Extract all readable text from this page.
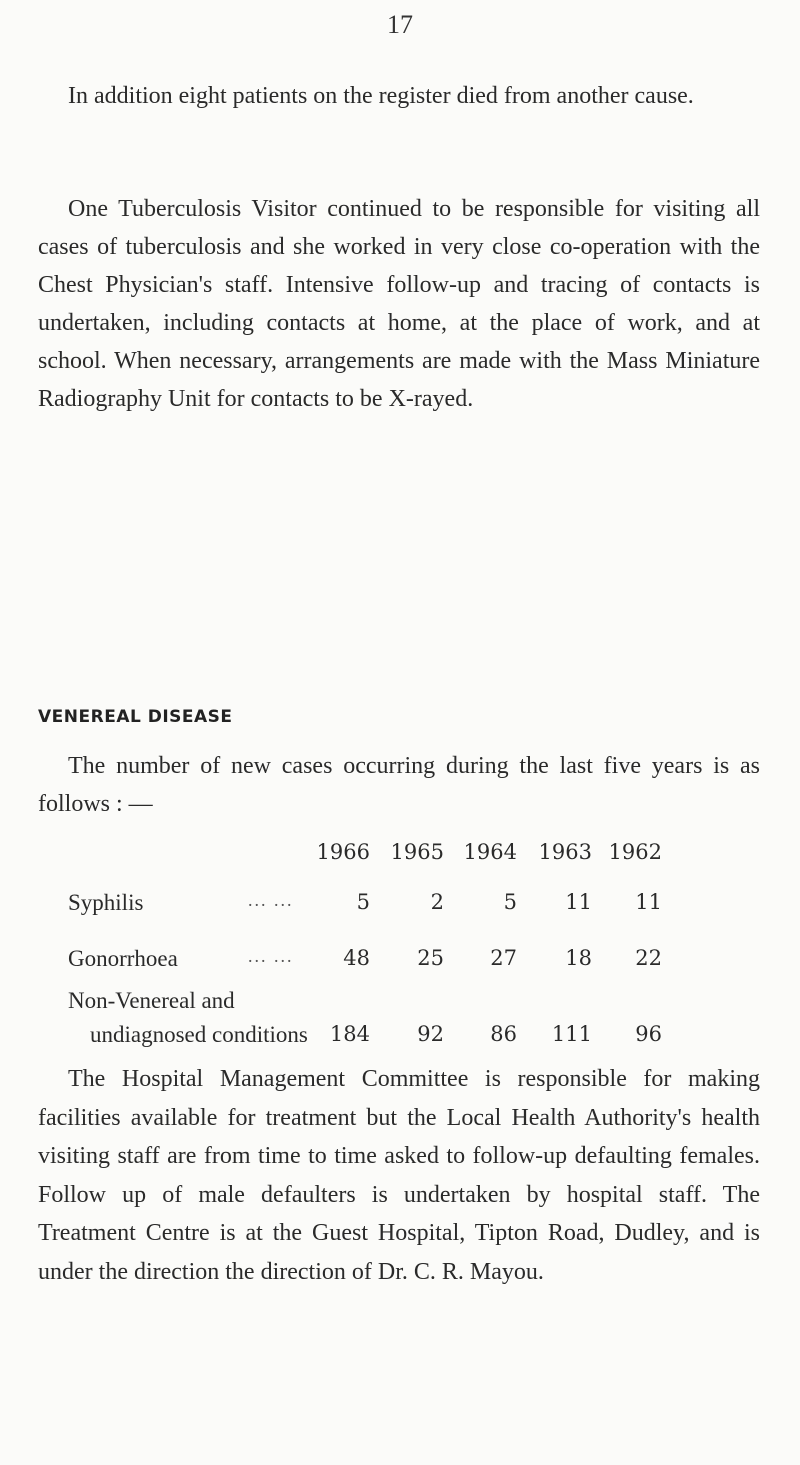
17

In addition eight patients on the register died from another cause.

One Tuberculosis Visitor continued to be responsible for visiting all cases of tuberculosis and she worked in very close co-operation with the Chest Physician's staff. Intensive follow-up and tracing of contacts is undertaken, including contacts at home, at the place of work, and at school. When necessary, arrangements are made with the Mass Miniature Radiography Unit for contacts to be X-rayed.

VENEREAL DISEASE

The number of new cases occurring during the last five years is as follows : —

1966 1965 1964	1963 1962
Syphilis	... ...	5	2	5	11	11
Gonorrhoea	... ...	48	25	27	18	22
Non-Venereal and
undiagnosed conditions	184	92	86	111	96

The Hospital Management Committee is responsible for making facilities available for treatment but the Local Health Authority's health visiting staff are from time to time asked to follow-up defaulting females. Follow up of male defaulters is undertaken by hospital staff. The Treatment Centre is at the Guest Hospital, Tipton Road, Dudley, and is under the direction the direction of Dr. C. R. Mayou.
